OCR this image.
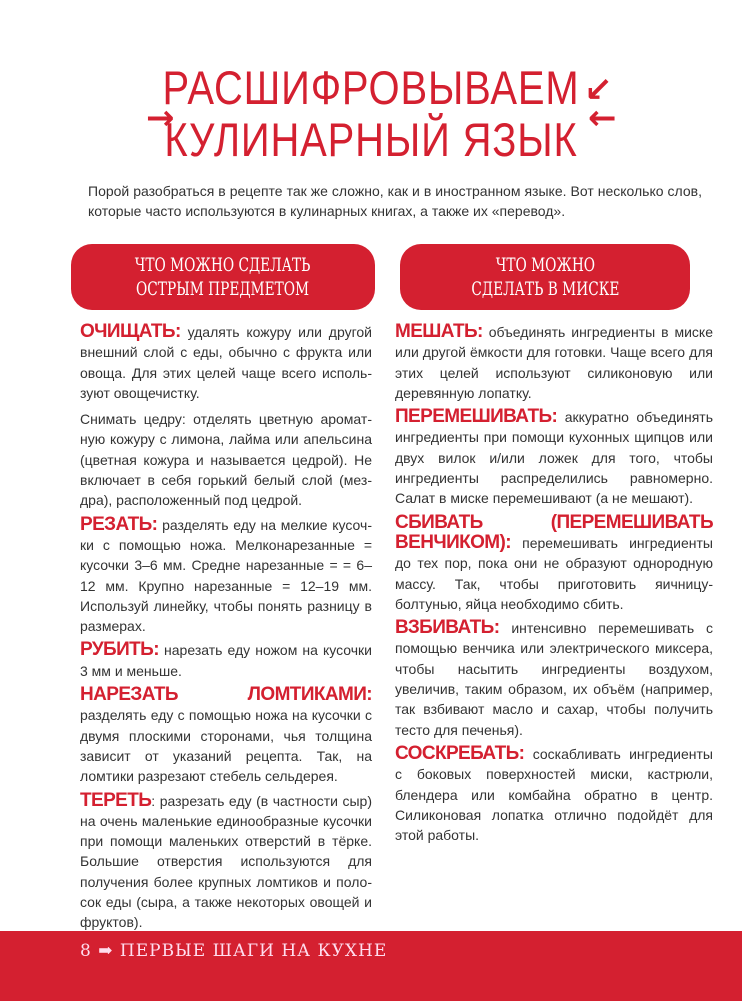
РАСШИФРОВЫВАЕМ
КУЛИНАРНЫЙ ЯЗЫК
→
↙
←
Порой разобраться в рецепте так же сложно, как и в иностранном языке. Вот несколько слов, которые часто используются в кулинарных книгах, а также их «перевод».
ЧТО МОЖНО СДЕЛАТЬ
ОСТРЫМ ПРЕДМЕТОМ
ЧТО МОЖНО
СДЕЛАТЬ В МИСКЕ

ОЧИЩАТЬ: удалять кожуру или другой внешний слой с еды, обычно с фрукта или овоща. Для этих целей чаще всего используют овощечистку.

Снимать цедру: отделять цветную ароматную кожуру с лимона, лайма или апельсина (цветная кожура и называется цедрой). Не включает в себя горький белый слой (мездра), расположенный под цедрой.

РЕЗАТЬ: разделять еду на мелкие кусочки с помощью ножа. Мелконарезанные = кусочки 3–6 мм. Средне нарезанные = = 6–12 мм. Крупно нарезанные = 12–19 мм. Используй линейку, чтобы понять разницу в размерах.

РУБИТЬ: нарезать еду ножом на кусочки 3 мм и меньше.

НАРЕЗАТЬ ЛОМТИКАМИ: разделять еду с помощью ножа на кусочки с двумя плоскими сторонами, чья толщина зависит от указаний рецепта. Так, на ломтики разрезают стебель сельдерея.

ТЕРЕТЬ: разрезать еду (в частности сыр) на очень маленькие единообразные кусочки при помощи маленьких отверстий в тёрке. Большие отверстия используются для получения более крупных ломтиков и полосок еды (сыра, а также некоторых овощей и фруктов).

МЕШАТЬ: объединять ингредиенты в миске или другой ёмкости для готовки. Чаще всего для этих целей используют силиконовую или деревянную лопатку.

ПЕРЕМЕШИВАТЬ: аккуратно объединять ингредиенты при помощи кухонных щипцов или двух вилок и/или ложек для того, чтобы ингредиенты распределились равномерно. Салат в миске перемешивают (а не мешают).

СБИВАТЬ (ПЕРЕМЕШИВАТЬ ВЕНЧИКОМ): перемешивать ингредиенты до тех пор, пока они не образуют однородную массу. Так, чтобы приготовить яичницу-болтунью, яйца необходимо сбить.

ВЗБИВАТЬ: интенсивно перемешивать с помощью венчика или электрического миксера, чтобы насытить ингредиенты воздухом, увеличив, таким образом, их объём (например, так взбивают масло и сахар, чтобы получить тесто для печенья).

СОСКРЕБАТЬ: соскабливать ингредиенты с боковых поверхностей миски, кастрюли, блендера или комбайна обратно в центр. Силиконовая лопатка отлично подойдёт для этой работы.

8 ➡ ПЕРВЫЕ ШАГИ НА КУХНЕ
